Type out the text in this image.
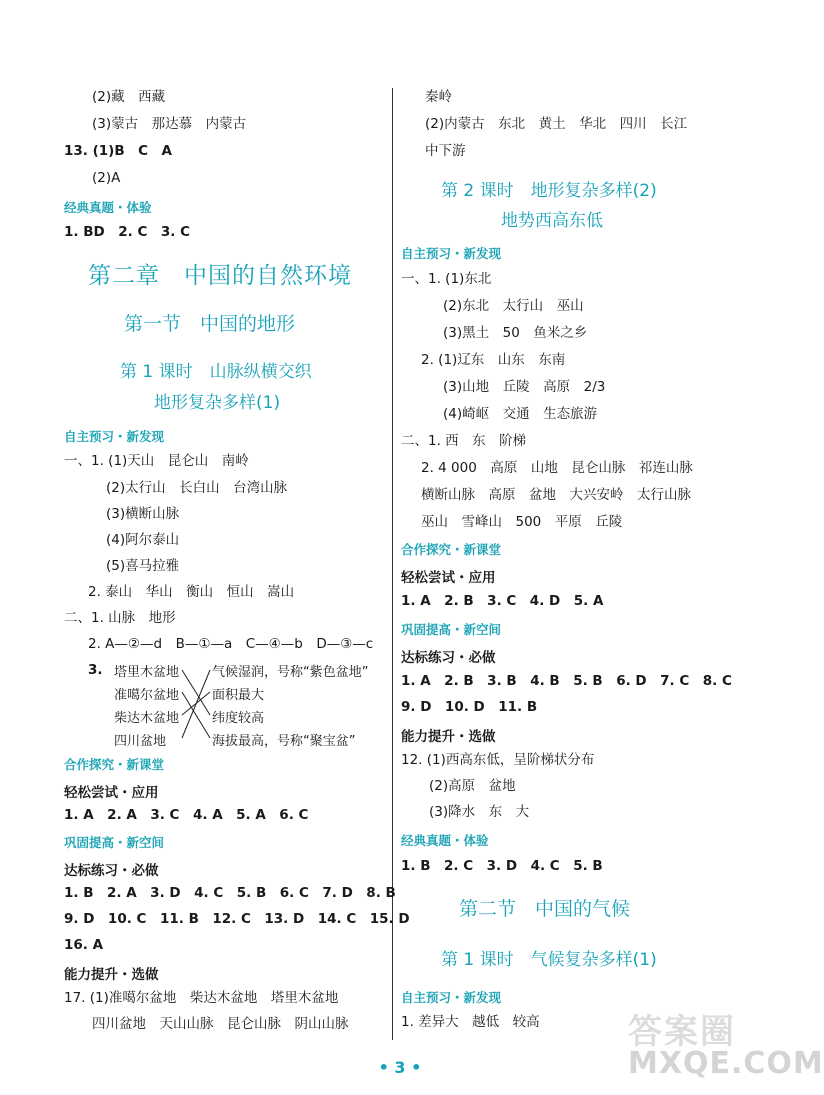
(2)藏　西藏
(3)蒙古　那达慕　内蒙古
13. (1)B　C　A
(2)A
经典真题・体验
1. BD　2. C　3. C
第二章　中国的自然环境
第一节　中国的地形
第 1 课时　山脉纵横交织
地形复杂多样(1)
自主预习・新发现
一、1. (1)天山　昆仑山　南岭
(2)太行山　长白山　台湾山脉
(3)横断山脉
(4)阿尔泰山
(5)喜马拉雅
2. 泰山　华山　衡山　恒山　嵩山
二、1. 山脉　地形
2. A—②—d　B—①—a　C—④—b　D—③—c
3. 塔里木盆地
准噶尔盆地
柴达木盆地
四川盆地
气候湿润，号称“紫色盆地”
面积最大
纬度较高
海拔最高，号称“聚宝盆”
合作探究・新课堂
轻松尝试・应用
1. A　2. A　3. C　4. A　5. A　6. C
巩固提高・新空间
达标练习・必做
1. B　2. A　3. D　4. C　5. B　6. C　7. D　8. B
9. D　10. C　11. B　12. C　13. D　14. C　15. D
16. A
能力提升・选做
17. (1)准噶尔盆地　柴达木盆地　塔里木盆地
四川盆地　天山山脉　昆仑山脉　阴山山脉
秦岭
(2)内蒙古　东北　黄土　华北　四川　长江
中下游
第 2 课时　地形复杂多样(2)
地势西高东低
自主预习・新发现
一、1. (1)东北
(2)东北　太行山　巫山
(3)黑土　50　鱼米之乡
2. (1)辽东　山东　东南
(3)山地　丘陵　高原　2/3
(4)崎岖　交通　生态旅游
二、1. 西　东　阶梯
2. 4 000　高原　山地　昆仑山脉　祁连山脉
横断山脉　高原　盆地　大兴安岭　太行山脉
巫山　雪峰山　500　平原　丘陵
合作探究・新课堂
轻松尝试・应用
1. A　2. B　3. C　4. D　5. A
巩固提高・新空间
达标练习・必做
1. A　2. B　3. B　4. B　5. B　6. D　7. C　8. C
9. D　10. D　11. B
能力提升・选做
12. (1)西高东低，呈阶梯状分布
(2)高原　盆地
(3)降水　东　大
经典真题・体验
1. B　2. C　3. D　4. C　5. B
第二节　中国的气候
第 1 课时　气候复杂多样(1)
自主预习・新发现
1. 差异大　越低　较高
• 3 •
答案圈
MXQE.COM
